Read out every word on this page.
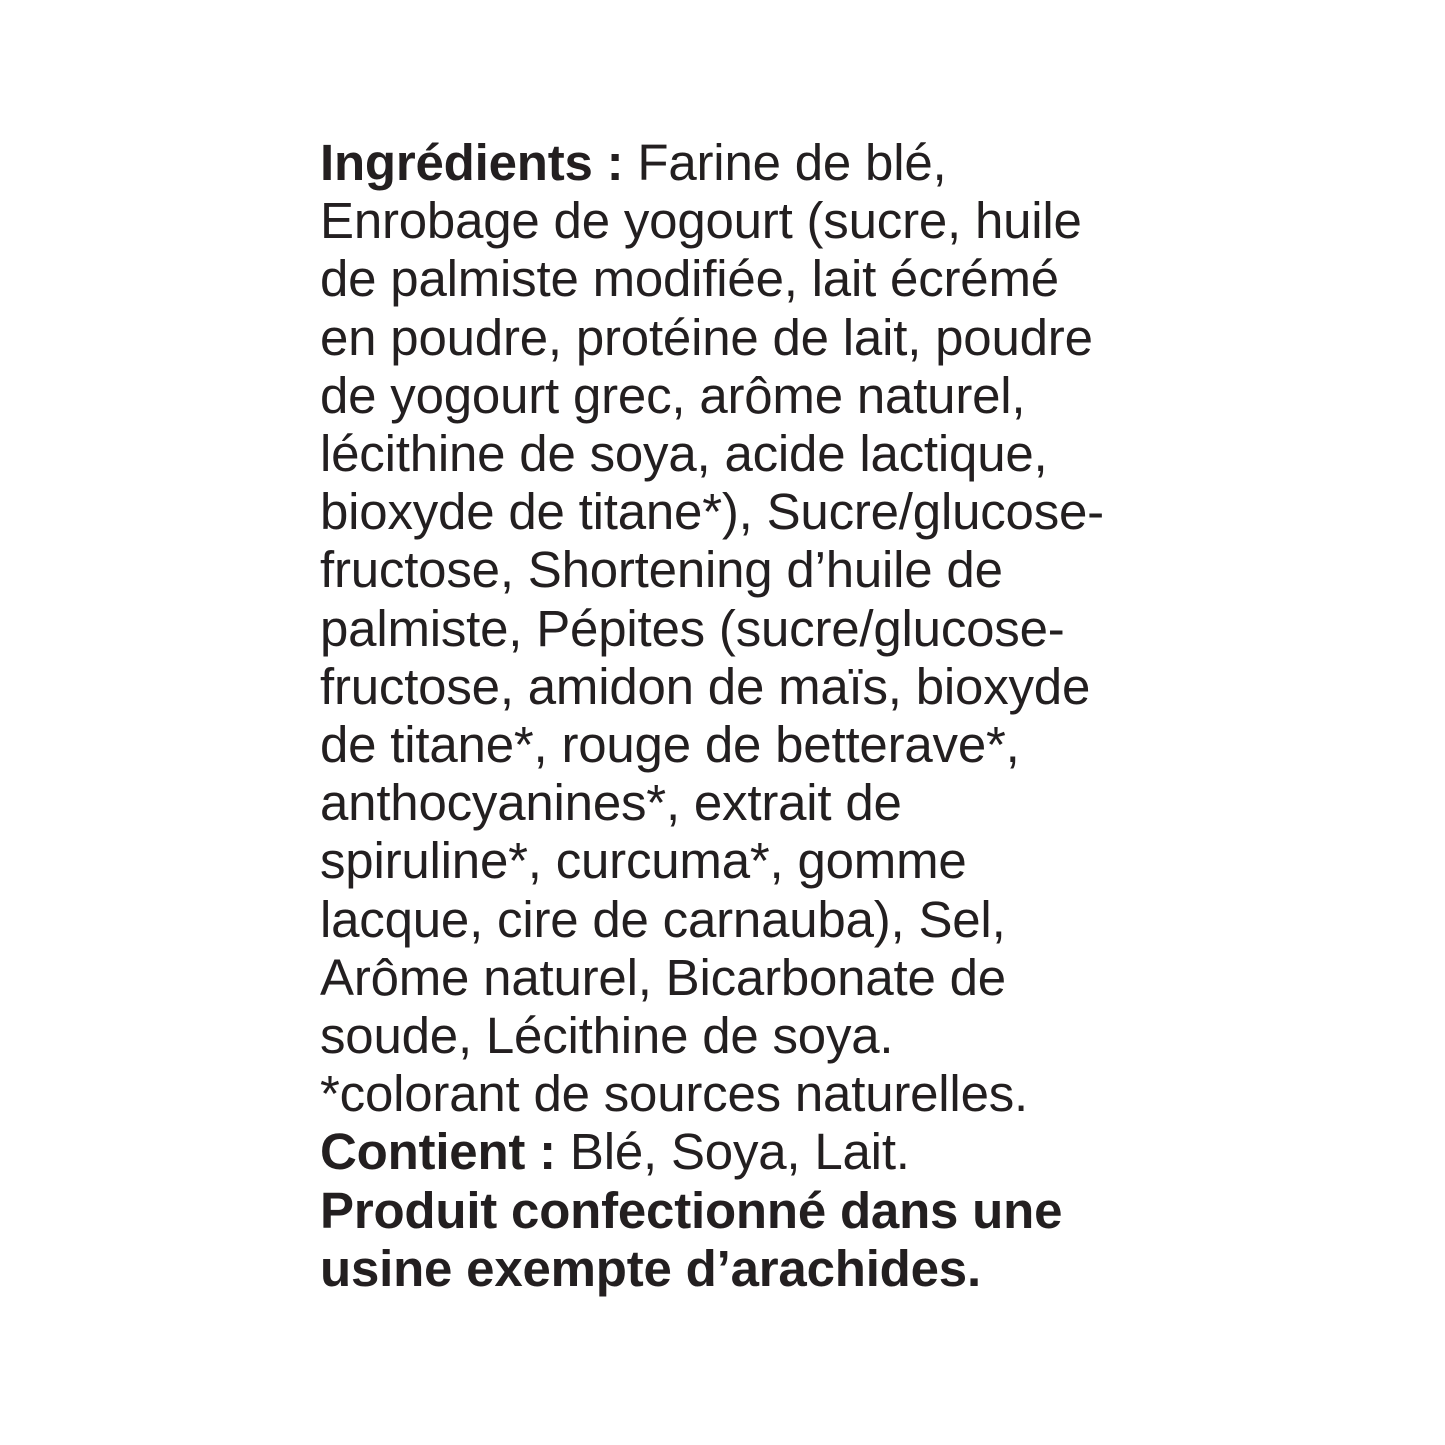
Ingrédients : Farine de blé,
Enrobage de yogourt (sucre, huile
de palmiste modifiée, lait écrémé
en poudre, protéine de lait, poudre
de yogourt grec, arôme naturel,
lécithine de soya, acide lactique,
bioxyde de titane*), Sucre/glucose-
fructose, Shortening d’huile de
palmiste, Pépites (sucre/glucose-
fructose, amidon de maïs, bioxyde
de titane*, rouge de betterave*,
anthocyanines*, extrait de
spiruline*, curcuma*, gomme
lacque, cire de carnauba), Sel,
Arôme naturel, Bicarbonate de
soude, Lécithine de soya.
*colorant de sources naturelles.
Contient : Blé, Soya, Lait.
Produit confectionné dans une
usine exempte d’arachides.
